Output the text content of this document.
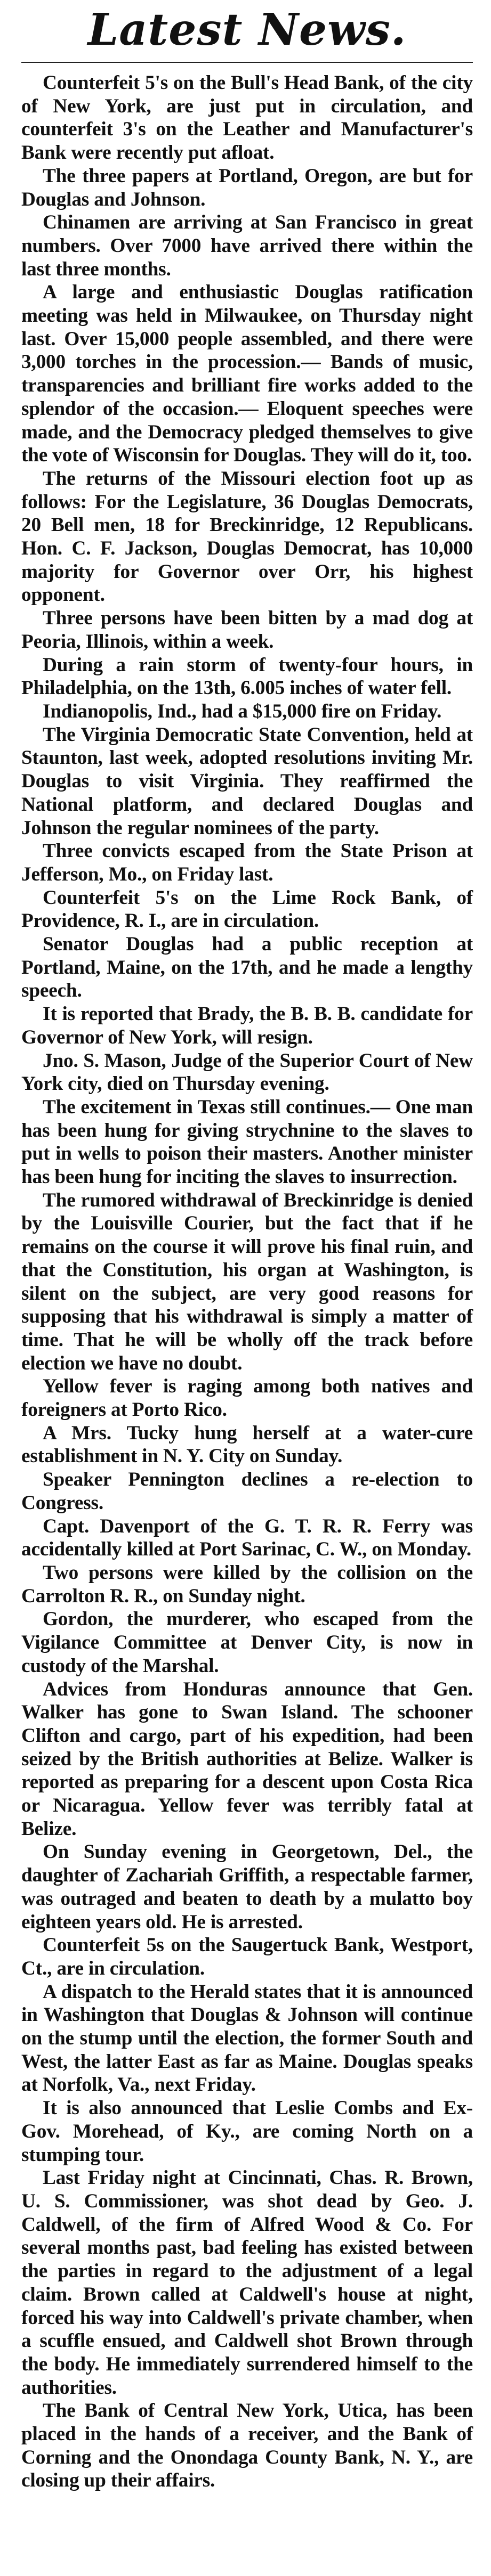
Latest News.

Counterfeit 5's on the Bull's Head Bank, of the city of New York, are just put in circulation, and counterfeit 3's on the Leather and Manufacturer's Bank were recently put afloat.

The three papers at Portland, Oregon, are but for Douglas and Johnson.

Chinamen are arriving at San Francisco in great numbers. Over 7000 have arrived there within the last three months.

A large and enthusiastic Douglas ratification meeting was held in Milwaukee, on Thursday night last. Over 15,000 people assembled, and there were 3,000 torches in the procession.— Bands of music, transparencies and brilliant fire works added to the splendor of the occasion.— Eloquent speeches were made, and the Democracy pledged themselves to give the vote of Wisconsin for Douglas. They will do it, too.

The returns of the Missouri election foot up as follows: For the Legislature, 36 Douglas Democrats, 20 Bell men, 18 for Breckinridge, 12 Republicans. Hon. C. F. Jackson, Douglas Democrat, has 10,000 majority for Governor over Orr, his highest opponent.

Three persons have been bitten by a mad dog at Peoria, Illinois, within a week.

During a rain storm of twenty-four hours, in Philadelphia, on the 13th, 6.005 inches of water fell.

Indianopolis, Ind., had a $15,000 fire on Friday.

The Virginia Democratic State Convention, held at Staunton, last week, adopted resolutions inviting Mr. Douglas to visit Virginia. They reaffirmed the National platform, and declared Douglas and Johnson the regular nominees of the party.

Three convicts escaped from the State Prison at Jefferson, Mo., on Friday last.

Counterfeit 5's on the Lime Rock Bank, of Providence, R. I., are in circulation.

Senator Douglas had a public reception at Portland, Maine, on the 17th, and he made a lengthy speech.

It is reported that Brady, the B. B. B. candidate for Governor of New York, will resign.

Jno. S. Mason, Judge of the Superior Court of New York city, died on Thursday evening.

The excitement in Texas still continues.— One man has been hung for giving strychnine to the slaves to put in wells to poison their masters. Another minister has been hung for inciting the slaves to insurrection.

The rumored withdrawal of Breckinridge is denied by the Louisville Courier, but the fact that if he remains on the course it will prove his final ruin, and that the Constitution, his organ at Washington, is silent on the subject, are very good reasons for supposing that his withdrawal is simply a matter of time. That he will be wholly off the track before election we have no doubt.

Yellow fever is raging among both natives and foreigners at Porto Rico.

A Mrs. Tucky hung herself at a water-cure establishment in N. Y. City on Sunday.

Speaker Pennington declines a re-election to Congress.

Capt. Davenport of the G. T. R. R. Ferry was accidentally killed at Port Sarinac, C. W., on Monday.

Two persons were killed by the collision on the Carrolton R. R., on Sunday night.

Gordon, the murderer, who escaped from the Vigilance Committee at Denver City, is now in custody of the Marshal.

Advices from Honduras announce that Gen. Walker has gone to Swan Island. The schooner Clifton and cargo, part of his expedition, had been seized by the British authorities at Belize. Walker is reported as preparing for a descent upon Costa Rica or Nicaragua. Yellow fever was terribly fatal at Belize.

On Sunday evening in Georgetown, Del., the daughter of Zachariah Griffith, a respectable farmer, was outraged and beaten to death by a mulatto boy eighteen years old. He is arrested.

Counterfeit 5s on the Saugertuck Bank, Westport, Ct., are in circulation.

A dispatch to the Herald states that it is announced in Washington that Douglas & Johnson will continue on the stump until the election, the former South and West, the latter East as far as Maine. Douglas speaks at Norfolk, Va., next Friday.

It is also announced that Leslie Combs and Ex-Gov. Morehead, of Ky., are coming North on a stumping tour.

Last Friday night at Cincinnati, Chas. R. Brown, U. S. Commissioner, was shot dead by Geo. J. Caldwell, of the firm of Alfred Wood & Co. For several months past, bad feeling has existed between the parties in regard to the adjustment of a legal claim. Brown called at Caldwell's house at night, forced his way into Caldwell's private chamber, when a scuffle ensued, and Caldwell shot Brown through the body. He immediately surrendered himself to the authorities.

The Bank of Central New York, Utica, has been placed in the hands of a receiver, and the Bank of Corning and the Onondaga County Bank, N. Y., are closing up their affairs.
